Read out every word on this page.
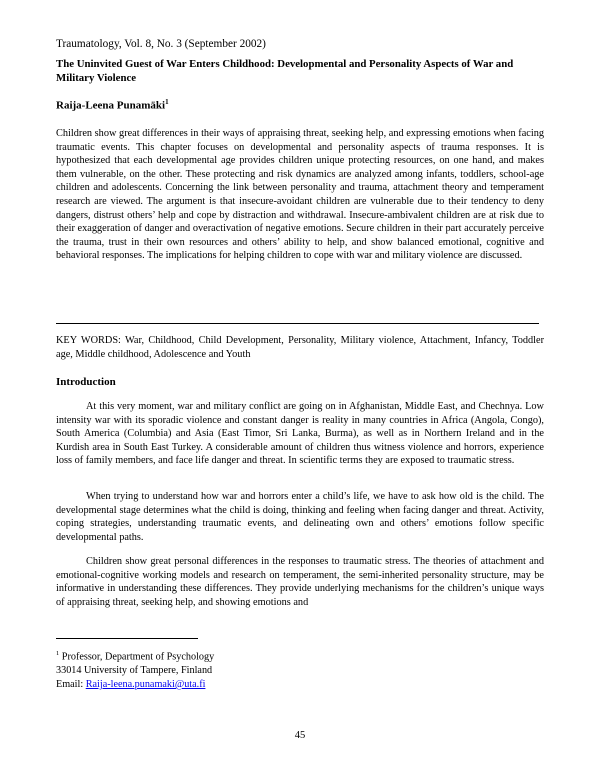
Traumatology, Vol. 8, No. 3 (September 2002)
The Uninvited Guest of War Enters Childhood: Developmental and Personality Aspects of War and Military Violence
Raija-Leena Punamäki$^1$
Children show great differences in their ways of appraising threat, seeking help, and expressing emotions when facing traumatic events. This chapter focuses on developmental and personality aspects of trauma responses. It is hypothesized that each developmental age provides children unique protecting resources, on one hand, and makes them vulnerable, on the other. These protecting and risk dynamics are analyzed among infants, toddlers, school-age children and adolescents. Concerning the link between personality and trauma, attachment theory and temperament research are viewed. The argument is that insecure-avoidant children are vulnerable due to their tendency to deny dangers, distrust others’ help and cope by distraction and withdrawal. Insecure-ambivalent children are at risk due to their exaggeration of danger and overactivation of negative emotions. Secure children in their part accurately perceive the trauma, trust in their own resources and others’ ability to help, and show balanced emotional, cognitive and behavioral responses. The implications for helping children to cope with war and military violence are discussed.
KEY WORDS: War, Childhood, Child Development, Personality, Military violence, Attachment, Infancy, Toddler age, Middle childhood, Adolescence and Youth
Introduction

At this very moment, war and military conflict are going on in Afghanistan, Middle East, and Chechnya. Low intensity war with its sporadic violence and constant danger is reality in many countries in Africa (Angola, Congo), South America (Columbia) and Asia (East Timor, Sri Lanka, Burma), as well as in Northern Ireland and in the Kurdish area in South East Turkey. A considerable amount of children thus witness violence and horrors, experience loss of family members, and face life danger and threat. In scientific terms they are exposed to traumatic stress.

When trying to understand how war and horrors enter a child’s life, we have to ask how old is the child. The developmental stage determines what the child is doing, thinking and feeling when facing danger and threat. Activity, coping strategies, understanding traumatic events, and delineating own and others’ emotions follow specific developmental paths.

Children show great personal differences in the responses to traumatic stress. The theories of attachment and emotional-cognitive working models and research on temperament, the semi-inherited personality structure, may be informative in understanding these differences. They provide underlying mechanisms for the children’s unique ways of appraising threat, seeking help, and showing emotions and

$^1$ Professor, Department of Psychology
33014 University of Tampere, Finland
Email: Raija-leena.punamaki@uta.fi
45
